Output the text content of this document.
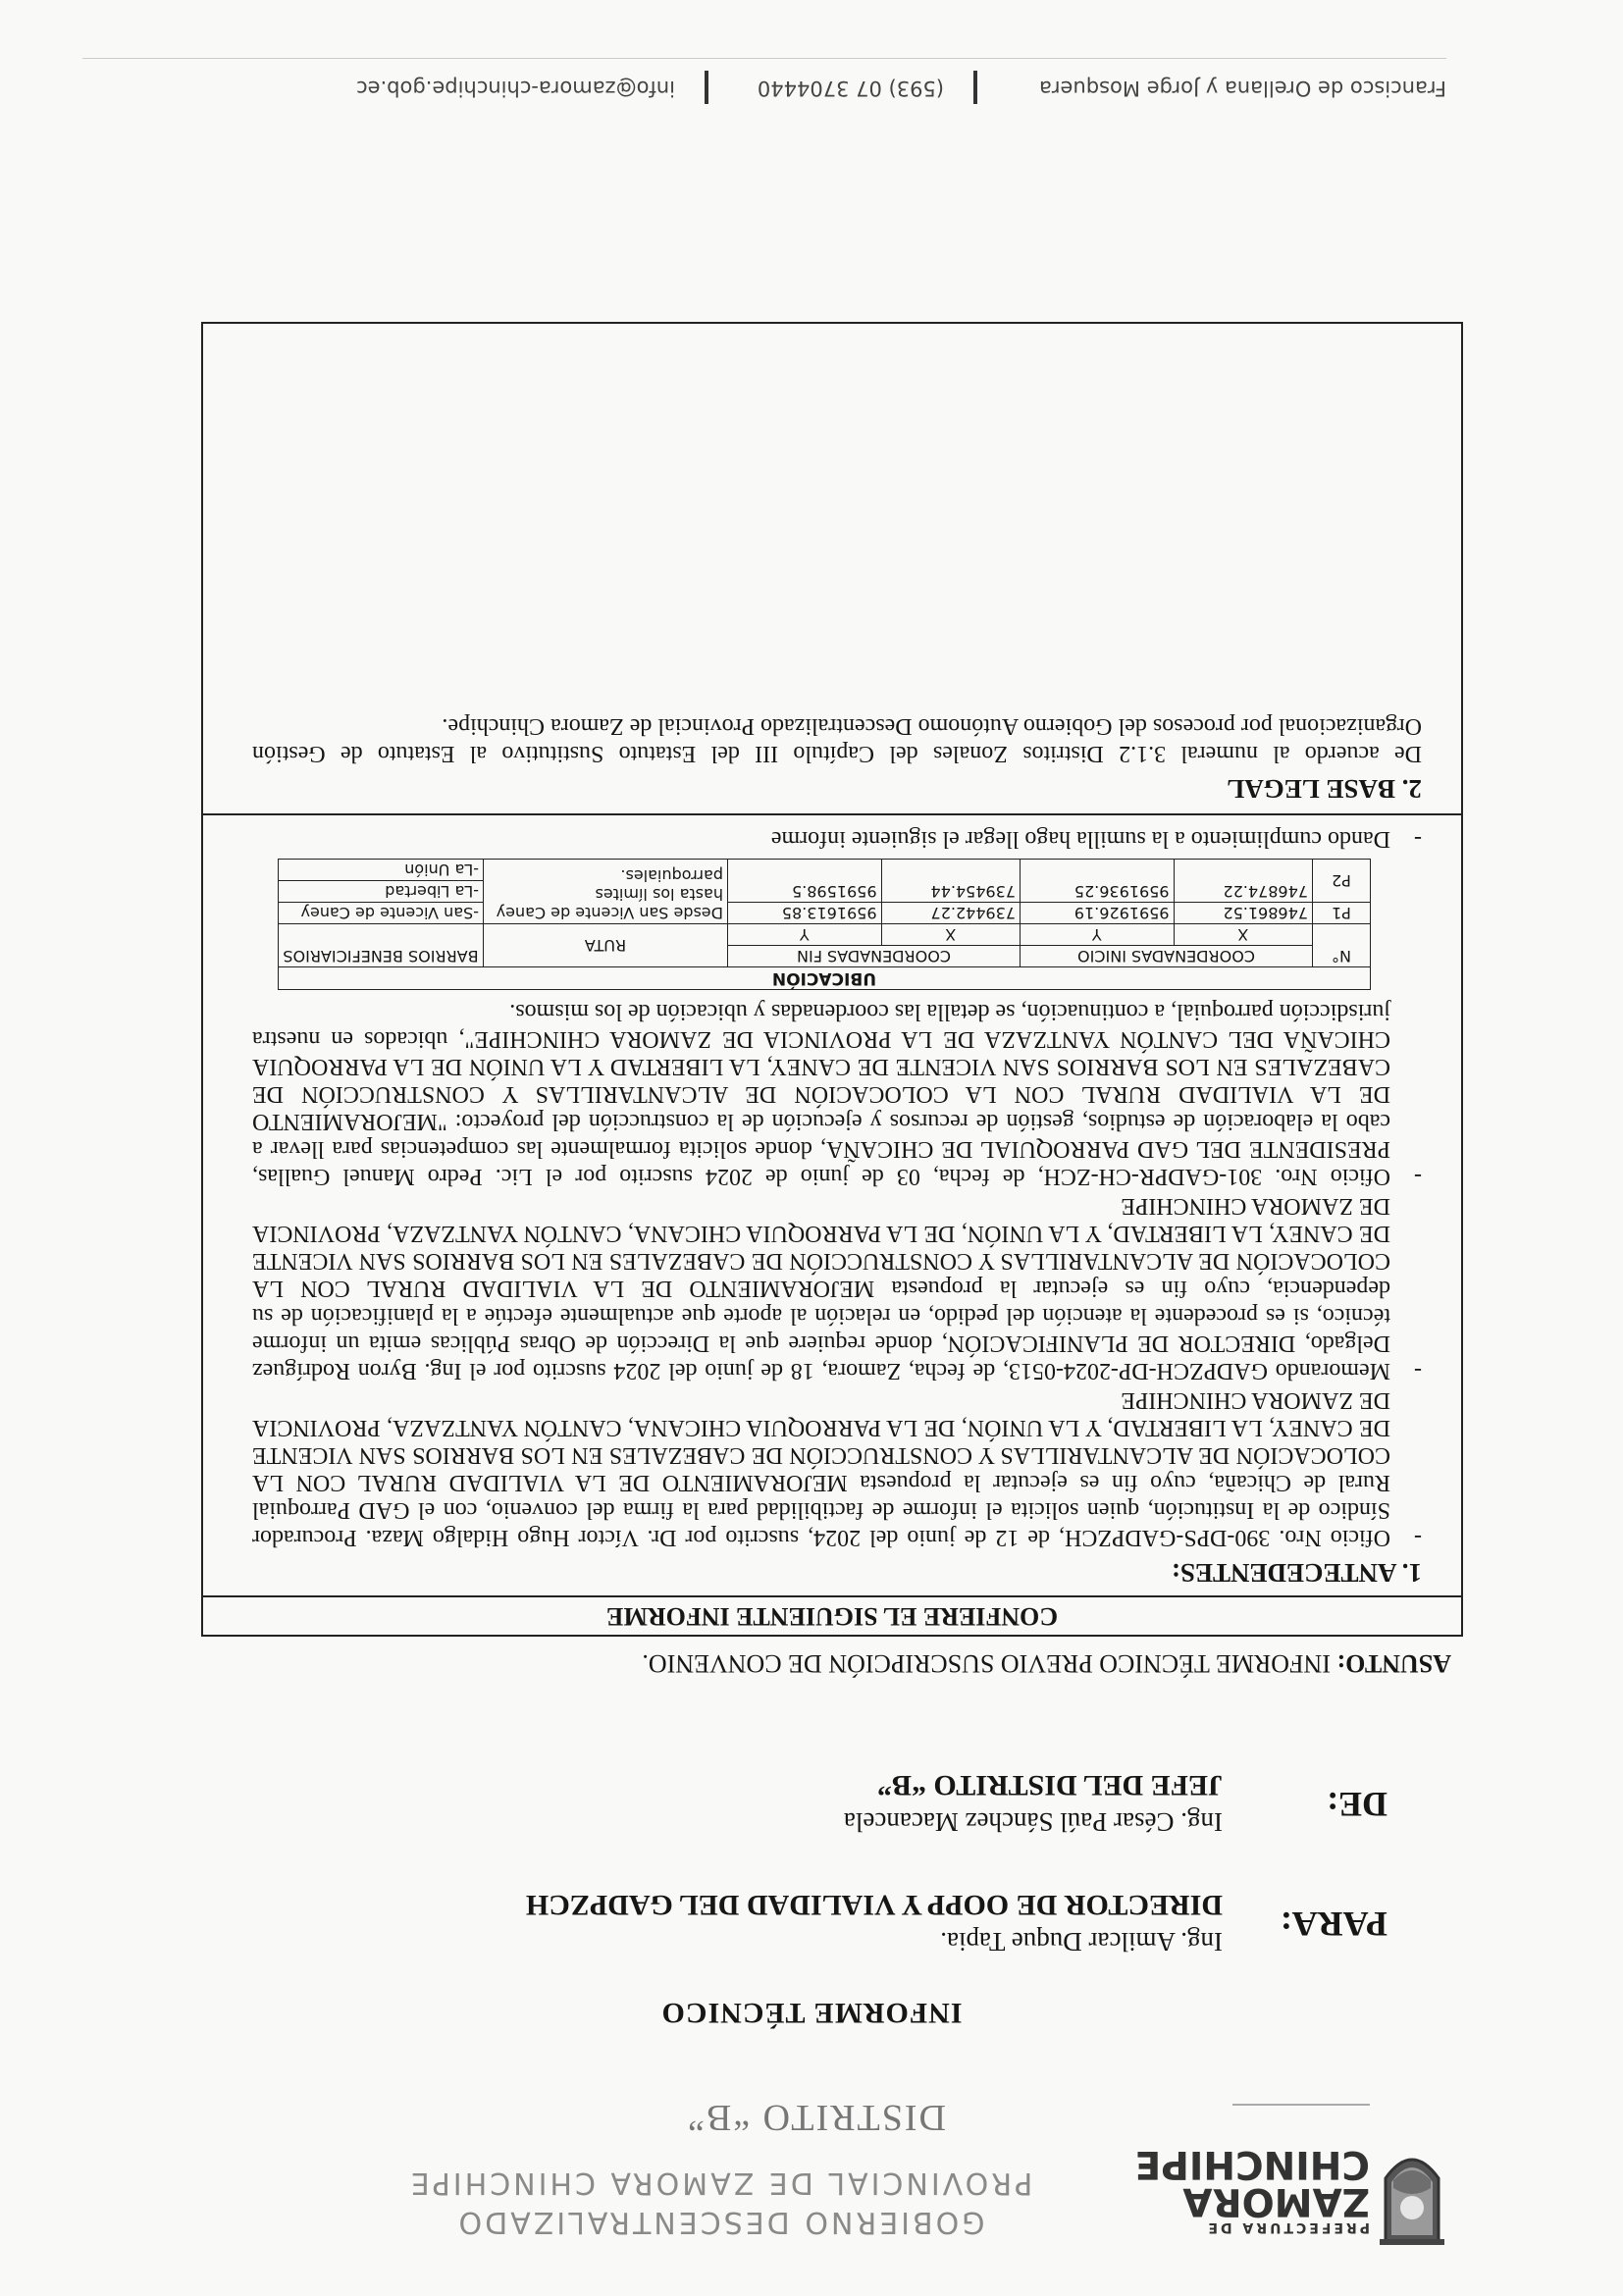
PREFECTURA DE
ZAMORA
CHINCHIPE
GOBIERNO DESCENTRALIZADO
PROVINCIAL DE ZAMORA CHINCHIPE
DISTRITO “B”
INFORME TÉCNICO
PARA:
Ing. Amilcar Duque Tapia.
DIRECTOR DE OOPP Y VIALIDAD DEL GADPZCH
DE:
Ing. César Paúl Sánchez Macancela
JEFE DEL DISTRITO “B”
ASUNTO: INFORME TÉCNICO PREVIO SUSCRIPCIÓN DE CONVENIO.
CONFIERE EL SIGUIENTE INFORME
1. ANTECEDENTES:

- Oficio Nro. 390-DPS-GADPZCH, de 12 de junio del 2024, suscrito por Dr. Víctor Hugo Hidalgo Maza. Procurador Síndico de la Institución, quien solicita el informe de factibilidad para la firma del convenio, con el GAD Parroquial Rural de Chicaña, cuyo fin es ejecutar la propuesta MEJORAMIENTO DE LA VIALIDAD RURAL CON LA COLOCACIÓN DE ALCANTARILLAS Y CONSTRUCCIÓN DE CABEZALES EN LOS BARRIOS SAN VICENTE DE CANEY, LA LIBERTAD, Y LA UNIÓN, DE LA PARROQUIA CHICANA, CANTÓN YANTZAZA, PROVINCIA DE ZAMORA CHINCHIPE

- Memorando GADPZCH-DP-2024-0513, de fecha, Zamora, 18 de junio del 2024 suscrito por el Ing. Byron Rodríguez Delgado, DIRECTOR DE PLANIFICACIÓN, donde requiere que la Dirección de Obras Públicas emita un informe técnico, si es procedente la atención del pedido, en relación al aporte que actualmente efectúe a la planificación de su dependencia, cuyo fin es ejecutar la propuesta MEJORAMIENTO DE LA VIALIDAD RURAL CON LA COLOCACIÓN DE ALCANTARILLAS Y CONSTRUCCIÓN DE CABEZALES EN LOS BARRIOS SAN VICENTE DE CANEY, LA LIBERTAD, Y LA UNIÓN, DE LA PARROQUIA CHICANA, CANTÓN YANTZAZA, PROVINCIA DE ZAMORA CHINCHIPE

- Oficio Nro. 301-GADPR-CH-ZCH, de fecha, 03 de junio de 2024 suscrito por el Lic. Pedro Manuel Guallas, PRESIDENTE DEL GAD PARROQUIAL DE CHICAÑA, donde solicita formalmente las competencias para llevar a cabo la elaboración de estudios, gestión de recursos y ejecución de la construcción del proyecto: "MEJORAMIENTO DE LA VIALIDAD RURAL CON LA COLOCACIÓN DE ALCANTARILLAS Y CONSTRUCCIÓN DE CABEZALES EN LOS BARRIOS SAN VICENTE DE CANEY, LA LIBERTAD Y LA UNIÓN DE LA PARROQUIA CHICAÑA DEL CANTÓN YANTZAZA DE LA PROVINCIA DE ZAMORA CHINCHIPE", ubicados en nuestra jurisdicción parroquial, a continuación, se detalla las coordenadas y ubicación de los mismos.

UBICACIÓN						
N°	COORDENADAS INICIO		COORDENADAS FIN		RUTA	BARRIOS BENEFICIARIOS
	X	Y	X	Y		
P1	746861.52	9591926.19	739442.27	9591613.85	Desde San Vicente de Caney hasta los límites parroquiales.	-San Vicente de Caney
P2	746874.22	9591936.25	739454.44	9591598.5		-La Libertad
						-La Unión

- Dando cumplimiento a la sumilla hago llegar el siguiente informe

2. BASE LEGAL

De acuerdo al numeral 3.1.2 Distritos Zonales del Capítulo III del Estatuto Sustitutivo al Estatuto de Gestión Organizacional por procesos del Gobierno Autónomo Descentralizado Provincial de Zamora Chinchipe.

Francisco de Orellana y Jorge Mosquera
(593) 07 3704440
info@zamora-chinchipe.gob.ec
